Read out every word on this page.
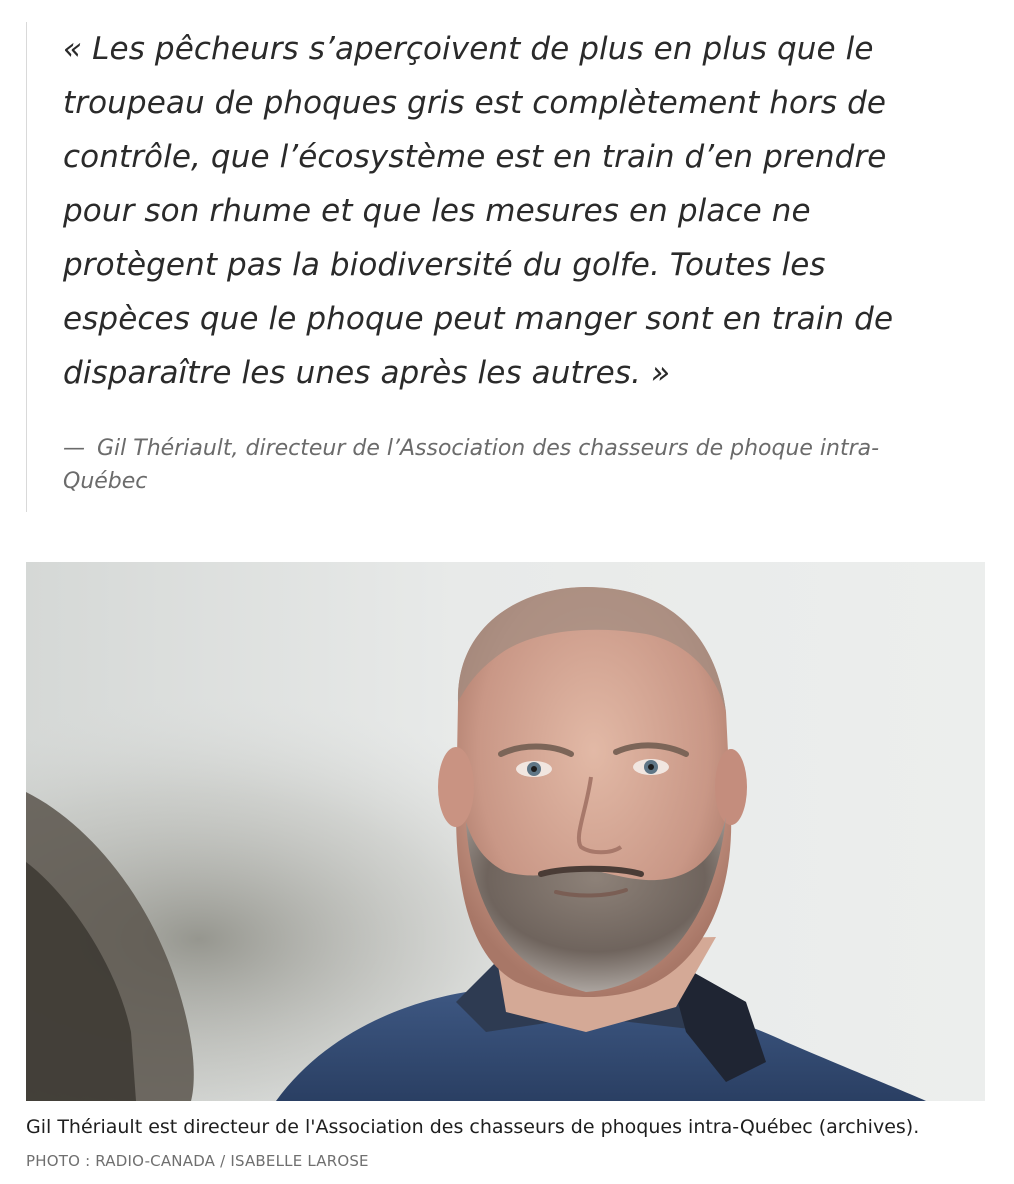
« Les pêcheurs s’aperçoivent de plus en plus que le troupeau de phoques gris est complètement hors de contrôle, que l’écosystème est en train d’en prendre pour son rhume et que les mesures en place ne protègent pas la biodiversité du golfe. Toutes les espèces que le phoque peut manger sont en train de disparaître les unes après les autres. »

— Gil Thériault, directeur de l’Association des chasseurs de phoque intra-Québec
Gil Thériault est directeur de l'Association des chasseurs de phoques intra-Québec (archives).
PHOTO : RADIO-CANADA / ISABELLE LAROSE
